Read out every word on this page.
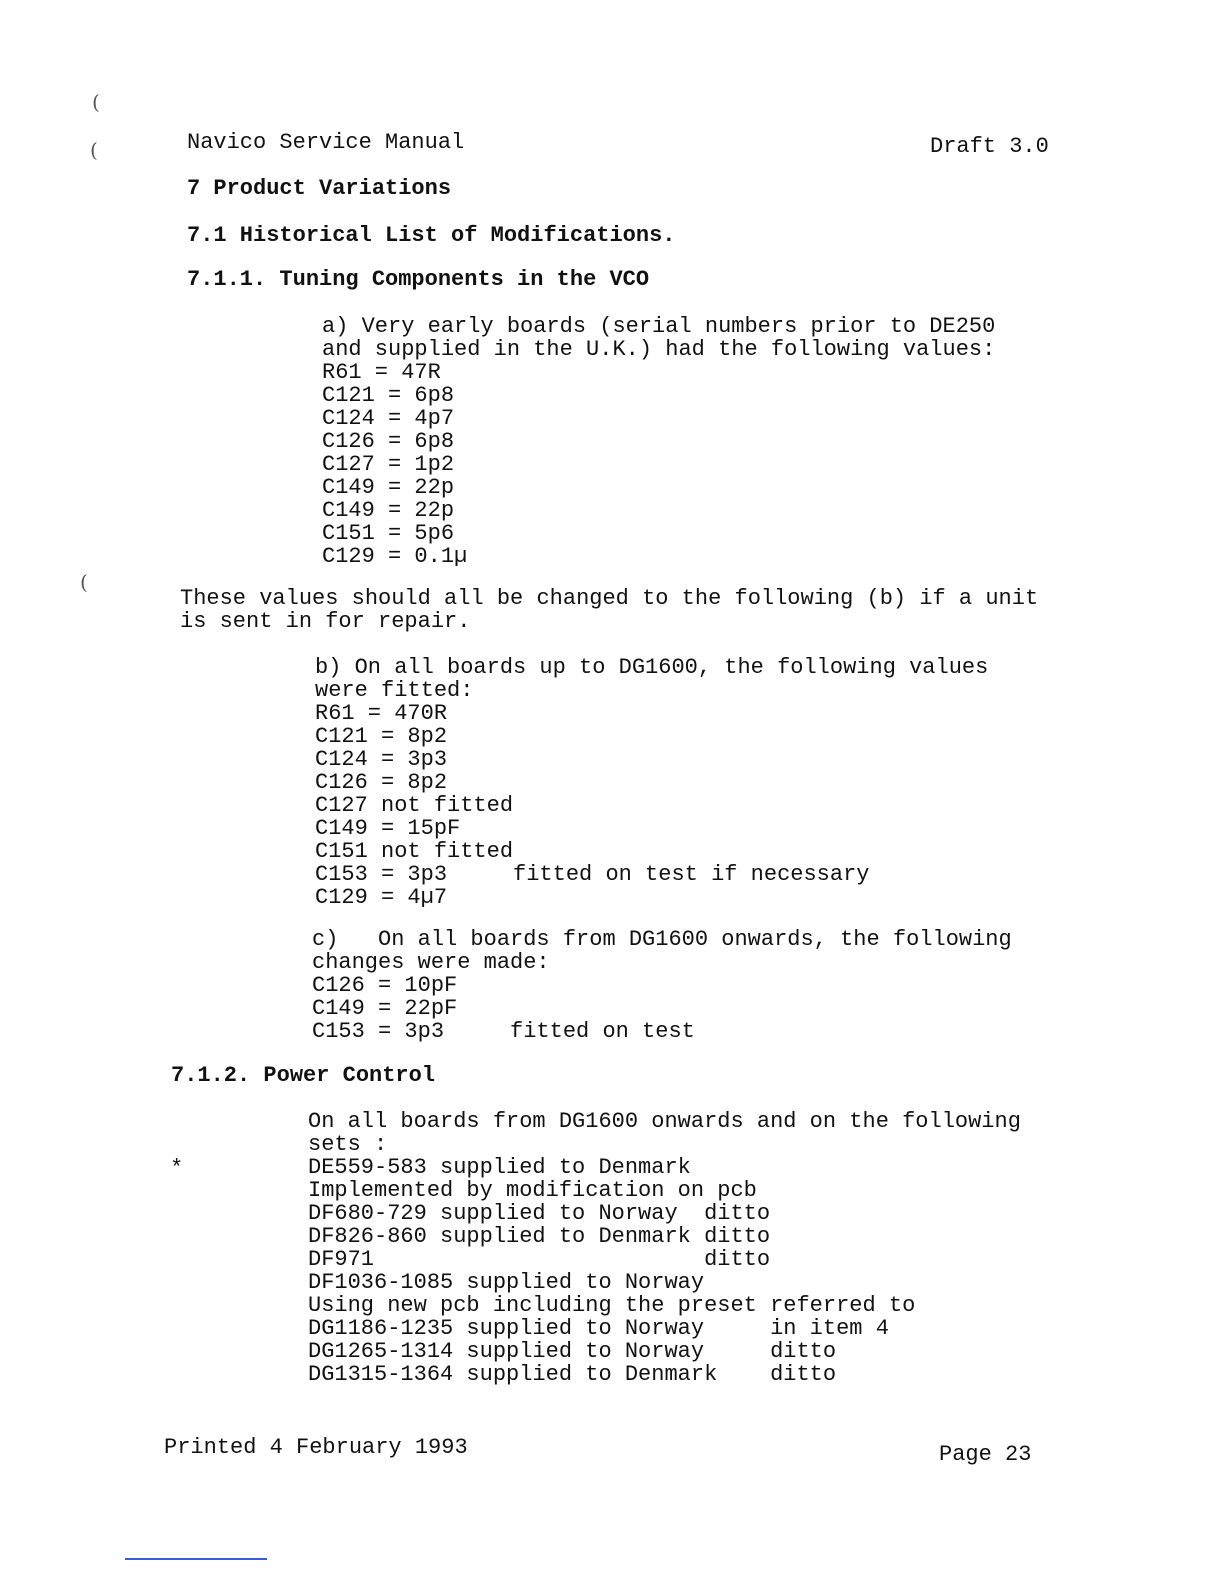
(
(
(
Navico Service Manual	Draft 3.0
7 Product Variations
7.1 Historical List of Modifications.
7.1.1. Tuning Components in the VCO
a) Very early boards (serial numbers prior to DE250
and supplied in the U.K.) had the following values:
R61 = 47R
C121 = 6p8
C124 = 4p7
C126 = 6p8
C127 = 1p2
C149 = 22p
C149 = 22p
C151 = 5p6
C129 = 0.1µ
These values should all be changed to the following (b) if a unit
is sent in for repair.
b) On all boards up to DG1600, the following values
were fitted:
R61 = 470R
C121 = 8p2
C124 = 3p3
C126 = 8p2
C127 not fitted
C149 = 15pF
C151 not fitted
C153 = 3p3     fitted on test if necessary
C129 = 4µ7
c)   On all boards from DG1600 onwards, the following
changes were made:
C126 = 10pF
C149 = 22pF
C153 = 3p3     fitted on test
7.1.2. Power Control
*
On all boards from DG1600 onwards and on the following
sets :
DE559-583 supplied to Denmark
Implemented by modification on pcb
DF680-729 supplied to Norway  ditto
DF826-860 supplied to Denmark ditto
DF971                         ditto
DF1036-1085 supplied to Norway
Using new pcb including the preset referred to
DG1186-1235 supplied to Norway     in item 4
DG1265-1314 supplied to Norway     ditto
DG1315-1364 supplied to Denmark    ditto
Printed 4 February 1993	Page 23
